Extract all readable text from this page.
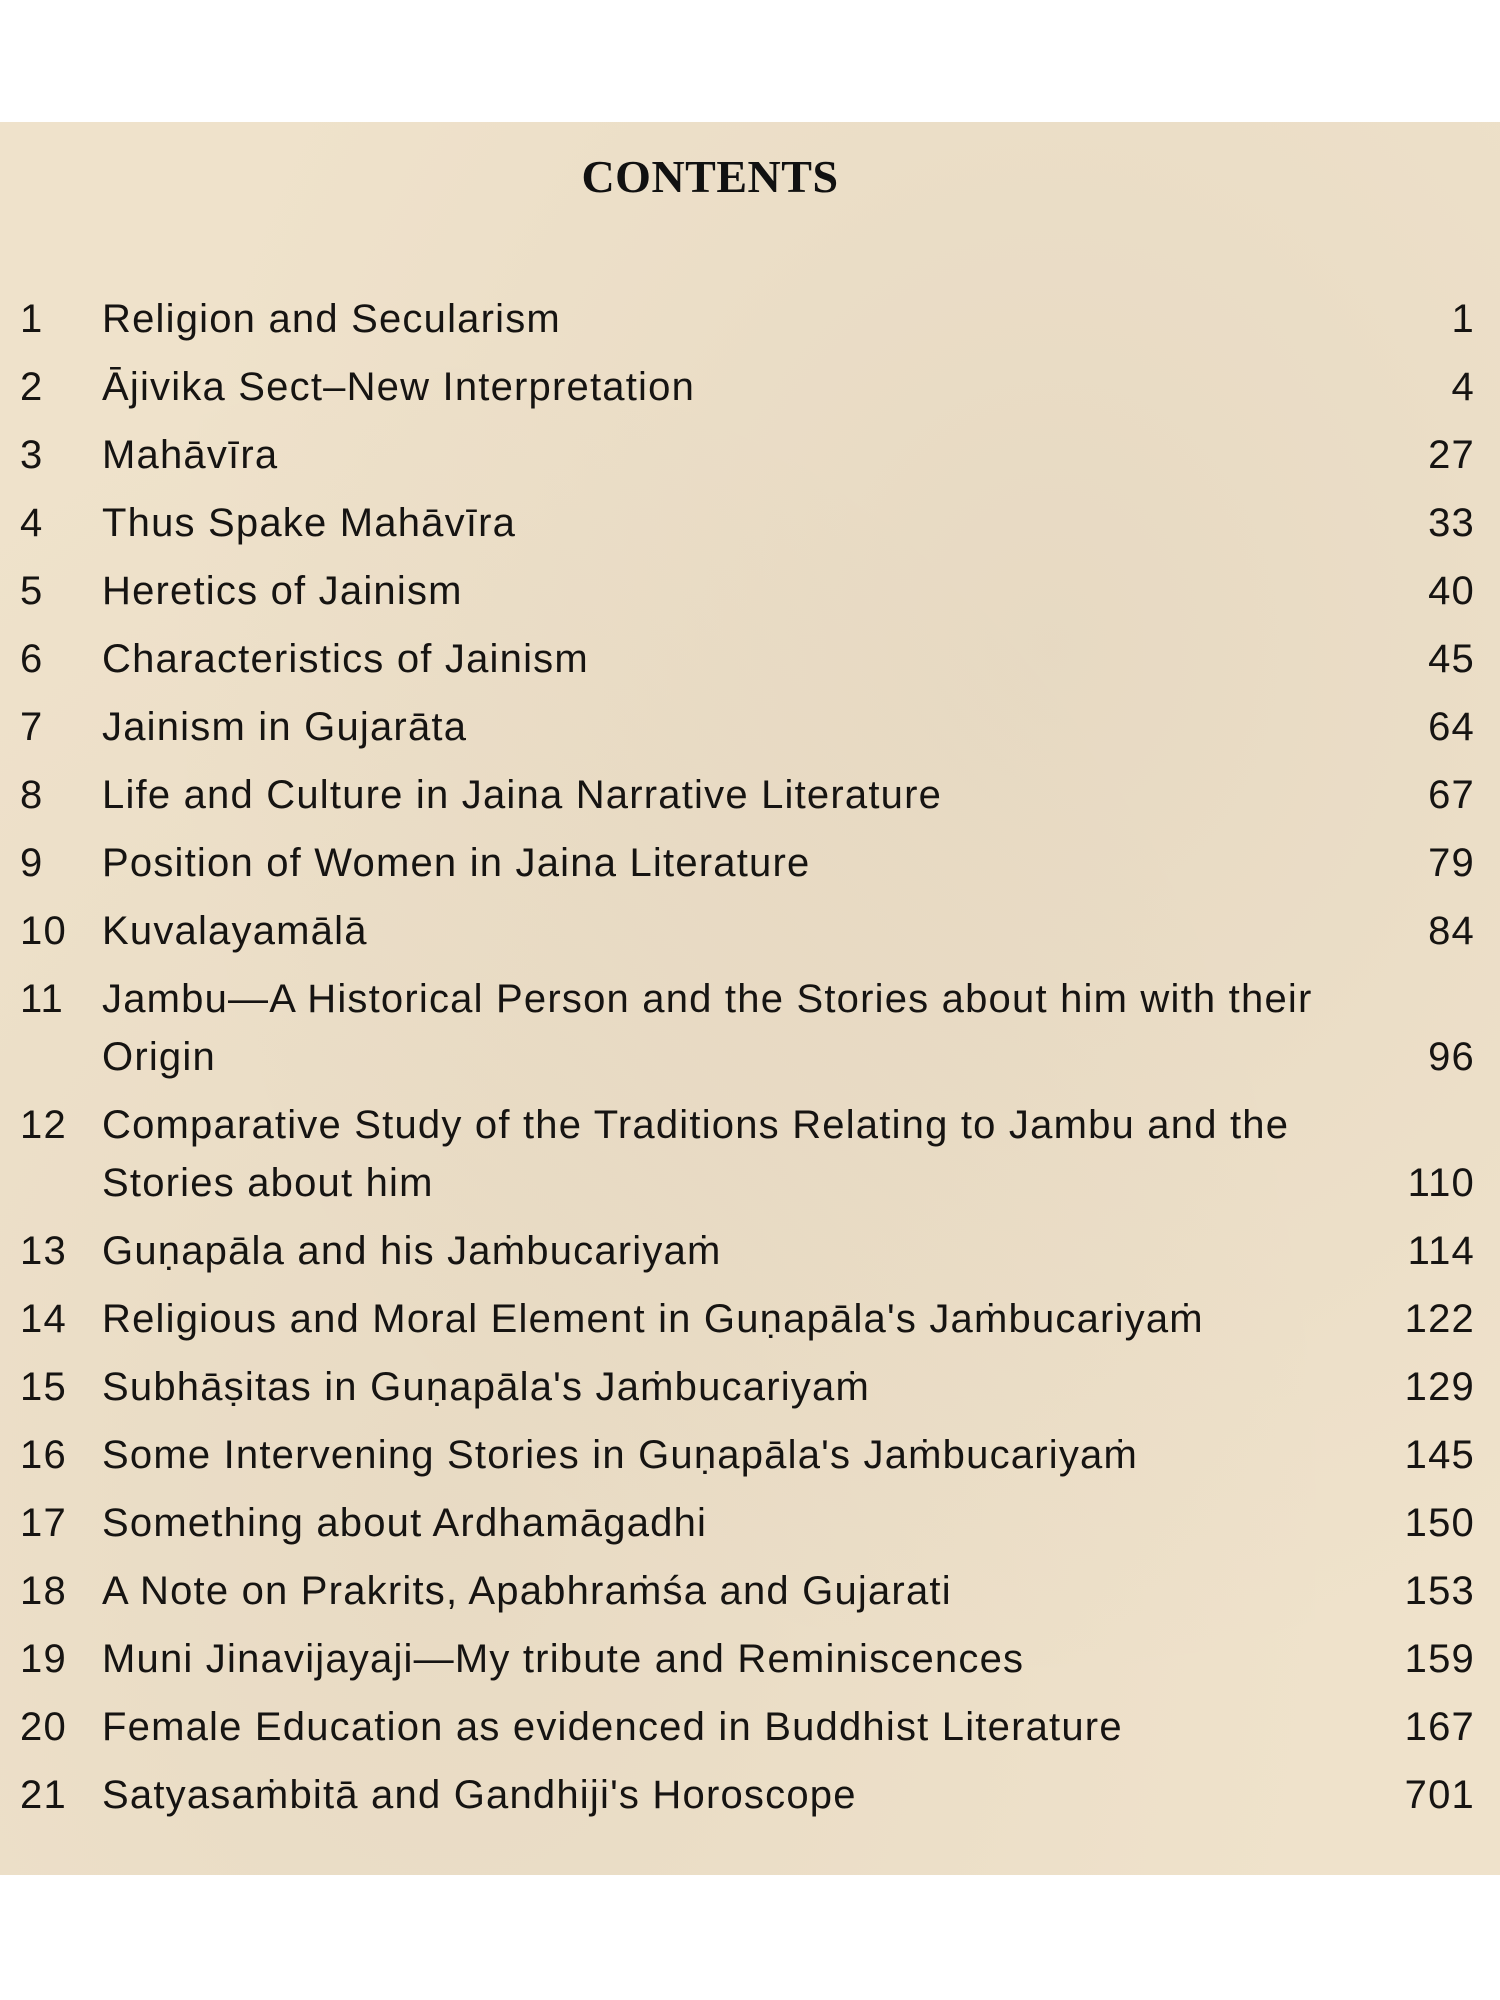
CONTENTS
1	Religion and Secularism	1
2	Ājivika Sect–New Interpretation	4
3	Mahāvīra	27
4	Thus Spake Mahāvīra	33
5	Heretics of Jainism	40
6	Characteristics of Jainism	45
7	Jainism in Gujarāta	64
8	Life and Culture in Jaina Narrative Literature	67
9	Position of Women in Jaina Literature	79
10 Kuvalayamālā	84
11 Jambu—A Historical Person and the Stories about him with their Origin	96
12 Comparative Study of the Traditions Relating to Jambu and the Stories about him	110
13 Guṇapāla and his Jaṁbucariyaṁ	114
14 Religious and Moral Element in Guṇapāla's Jaṁbucariyaṁ	122
15 Subhāṣitas in Guṇapāla's Jaṁbucariyaṁ	129
16 Some Intervening Stories in Guṇapāla's Jaṁbucariyaṁ	145
17 Something about Ardhamāgadhi	150
18 A Note on Prakrits, Apabhraṁśa and Gujarati	153
19 Muni Jinavijayaji—My tribute and Reminiscences	159
20 Female Education as evidenced in Buddhist Literature	167
21 Satyasaṁbitā and Gandhiji's Horoscope	701
